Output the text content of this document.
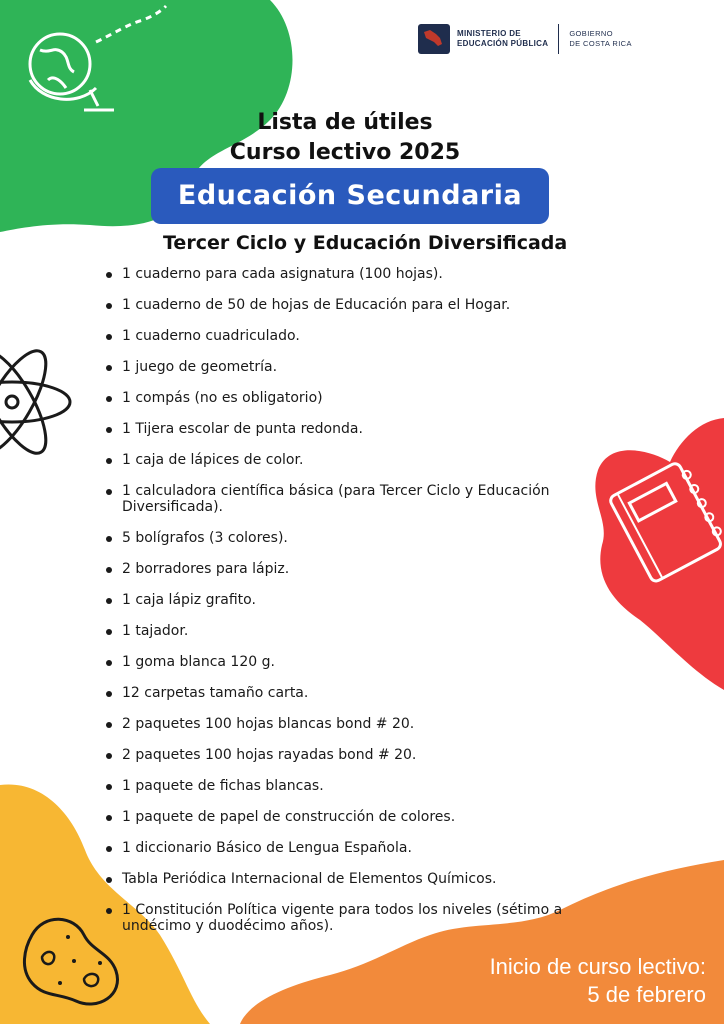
MINISTERIO DE
EDUCACIÓN PÚBLICA
GOBIERNO
DE COSTA RICA
Lista de útiles
Curso lectivo 2025
Educación Secundaria
Tercer Ciclo y Educación Diversificada
1 cuaderno para cada asignatura (100 hojas).
1 cuaderno de 50 de hojas de Educación para el Hogar.
1 cuaderno cuadriculado.
1 juego de geometría.
1 compás (no es obligatorio)
1 Tijera escolar de punta redonda.
1 caja de lápices de color.
1 calculadora científica básica (para Tercer Ciclo y Educación Diversificada).
5 bolígrafos (3 colores).
2 borradores para lápiz.
1 caja lápiz grafito.
1 tajador.
1 goma blanca 120 g.
12 carpetas tamaño carta.
2 paquetes 100 hojas blancas bond # 20.
2 paquetes 100 hojas rayadas bond # 20.
1 paquete de fichas blancas.
1 paquete de papel de construcción de colores.
1 diccionario Básico de Lengua Española.
Tabla Periódica Internacional de Elementos Químicos.
1 Constitución Política vigente para todos los niveles (sétimo a undécimo y duodécimo años).
Inicio de curso lectivo:
5 de febrero
